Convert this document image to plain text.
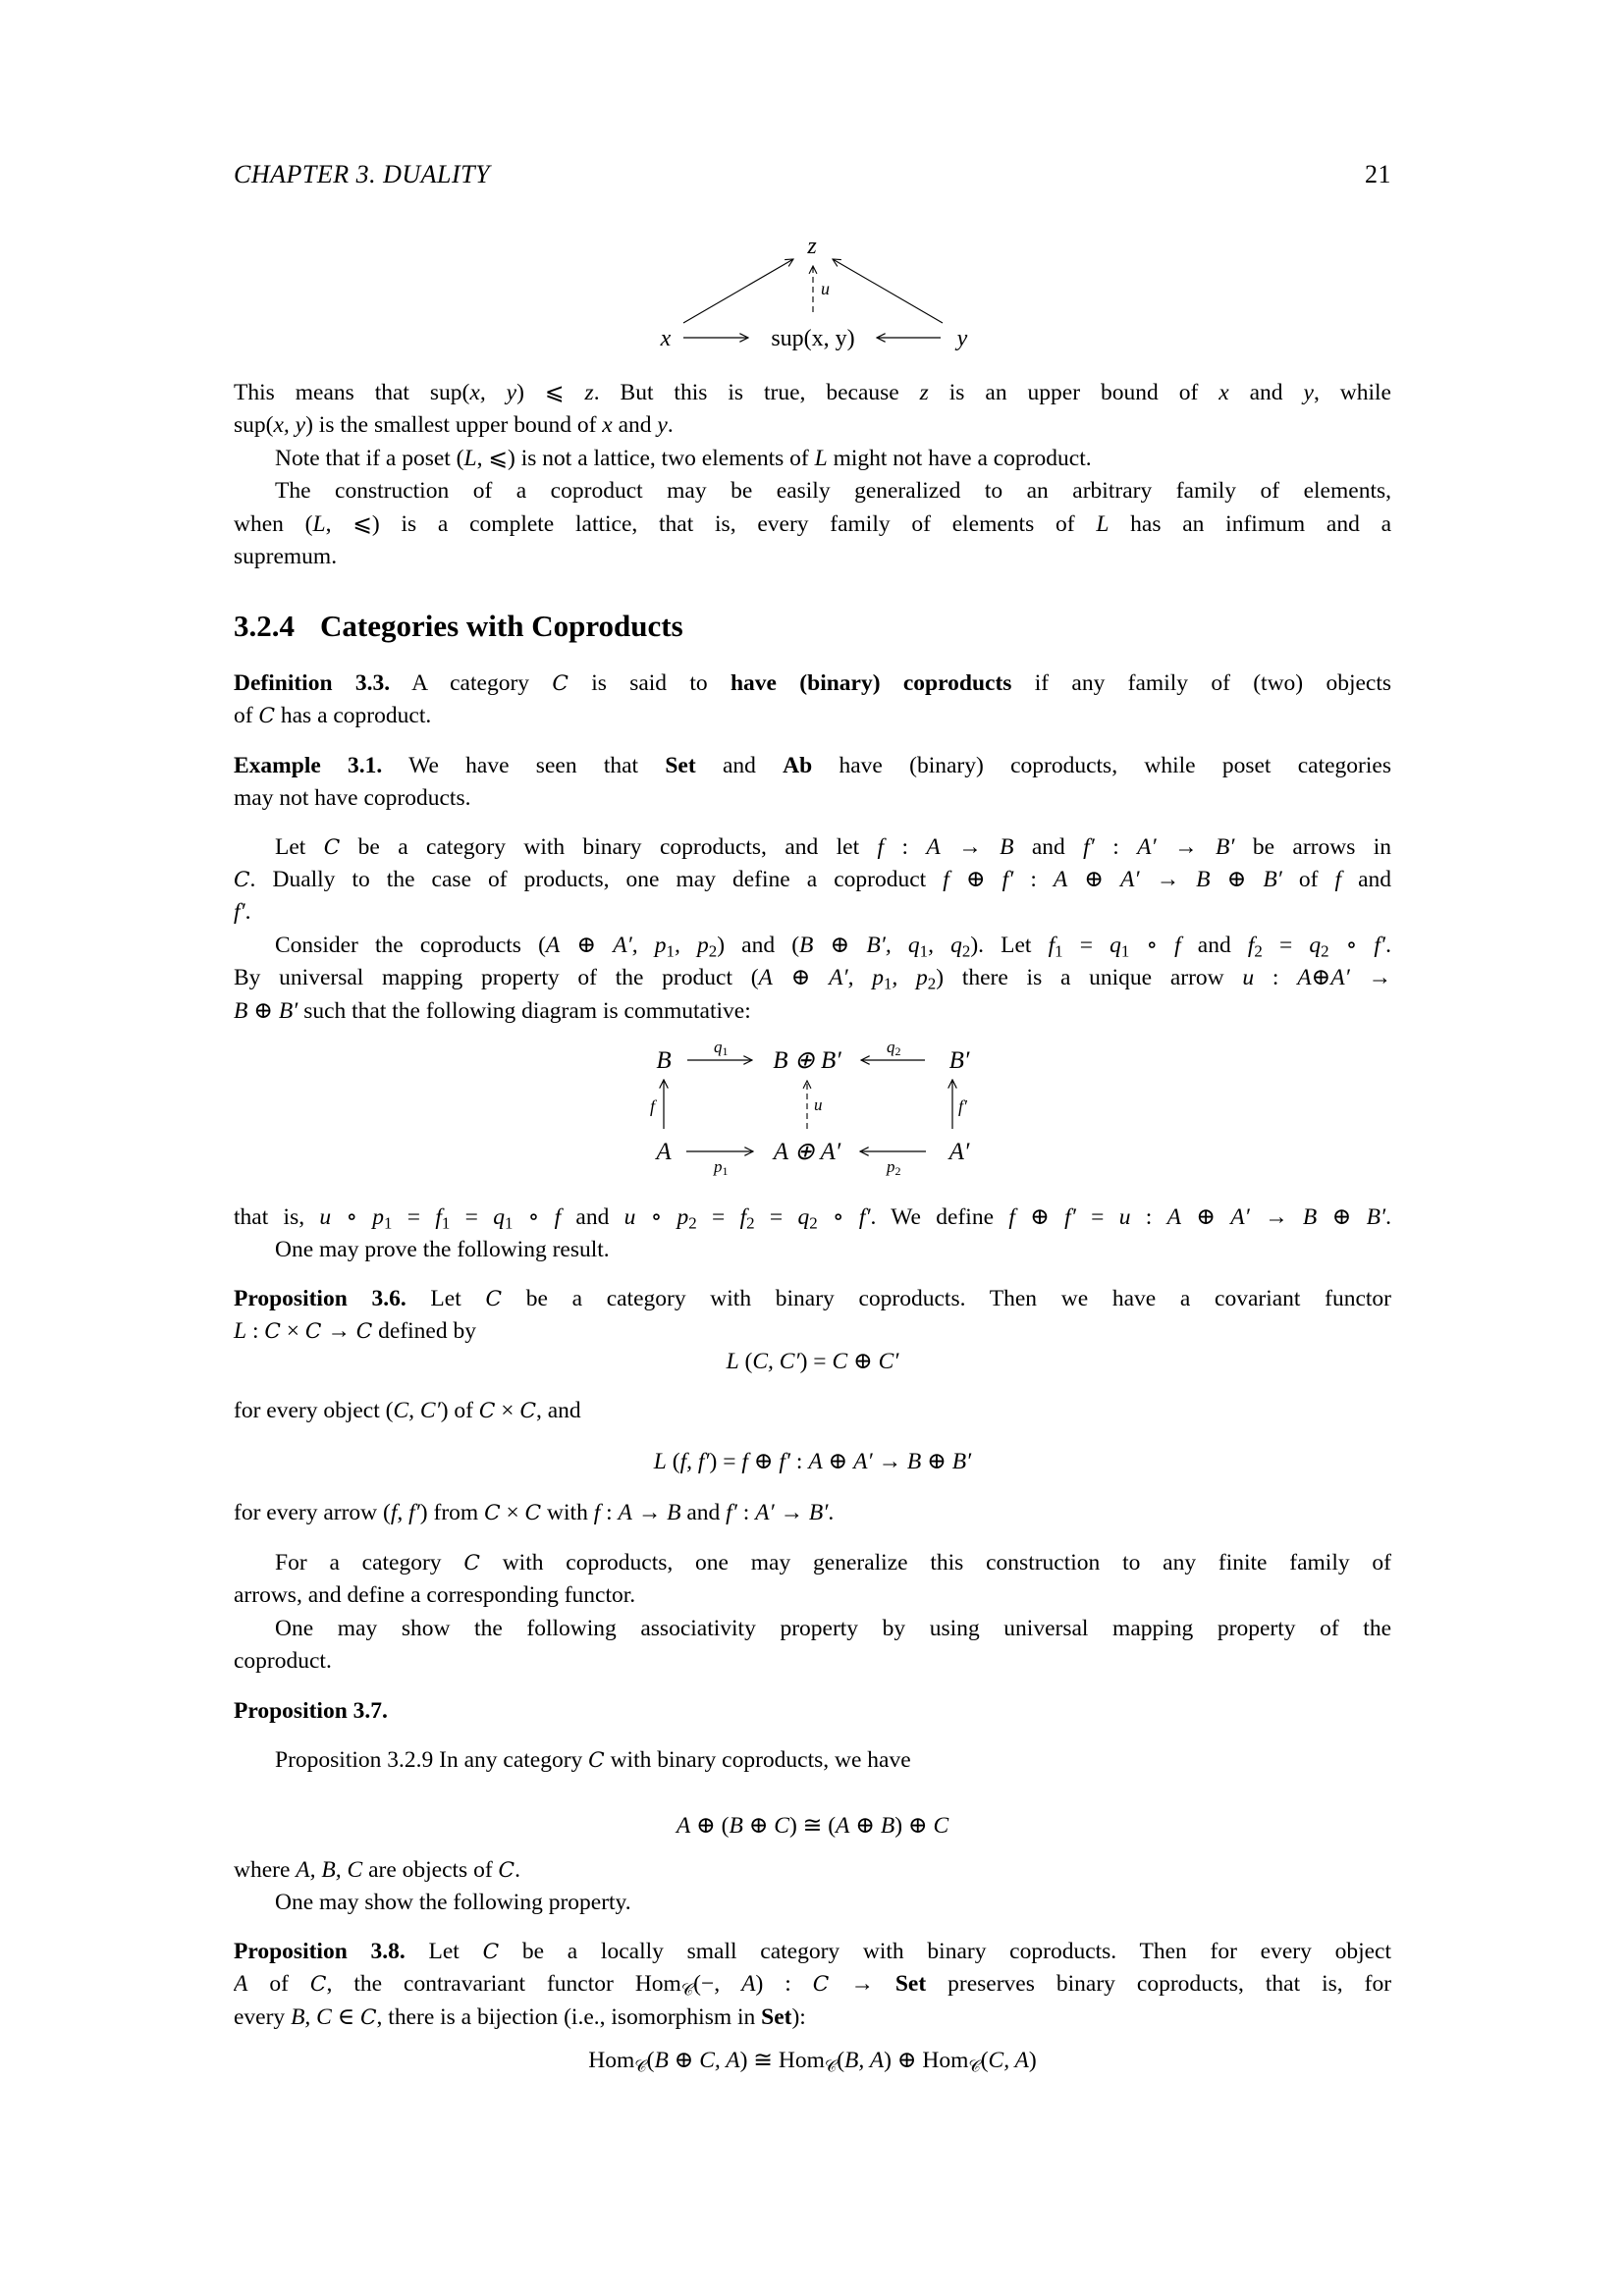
CHAPTER 3. DUALITY	21
z
x	sup(x, y)	y
u
This means that sup(x, y) ⩽ z. But this is true, because z is an upper bound of x and y, while
sup(x, y) is the smallest upper bound of x and y.
Note that if a poset (L, ⩽) is not a lattice, two elements of L might not have a coproduct.
The construction of a coproduct may be easily generalized to an arbitrary family of elements,
when (L, ⩽) is a complete lattice, that is, every family of elements of L has an infimum and a
supremum.
3.2.4 Categories with Coproducts
Definition 3.3. A category C is said to have (binary) coproducts if any family of (two) objects
of C has a coproduct.
Example 3.1. We have seen that Set and Ab have (binary) coproducts, while poset categories
may not have coproducts.
Let C be a category with binary coproducts, and let f : A → B and f′ : A′ → B′ be arrows in
C. Dually to the case of products, one may define a coproduct f ⊕ f′ : A ⊕ A′ → B ⊕ B′ of f and
f′.
Consider the coproducts (A ⊕ A′, $p_1$, $p_2$) and (B ⊕ B′, $q_1$, $q_2$). Let $f_1 = q_1$ ∘ f and $f_2 = q_2$ ∘ f′.
By universal mapping property of the product (A ⊕ A′, $p_1$, $p_2$) there is a unique arrow u : A⊕A′ →
B ⊕ B′ such that the following diagram is commutative:
B	B ⊕ B′	B′
A	A ⊕ A′	A′
q1	q2
p1	p2
f	f′
u
that is, u ∘ $p_1 = f_1 = q_1$ ∘ f and u ∘ $p_2 = f_2 = q_2$ ∘ f′. We define f ⊕ f′ = u : A ⊕ A′ → B ⊕ B′.
One may prove the following result.
Proposition 3.6. Let C be a category with binary coproducts. Then we have a covariant functor
L : C × C → C defined by
L (C, C′) = C ⊕ C′
for every object (C, C′) of C × C, and
L (f, f′) = f ⊕ f′ : A ⊕ A′ → B ⊕ B′
for every arrow (f, f′) from C × C with f : A → B and f′ : A′ → B′.
For a category C with coproducts, one may generalize this construction to any finite family of
arrows, and define a corresponding functor.
One may show the following associativity property by using universal mapping property of the
coproduct.
Proposition 3.7.
Proposition 3.2.9 In any category C with binary coproducts, we have
A ⊕ (B ⊕ C) ≅ (A ⊕ B) ⊕ C
where A, B, C are objects of C.
One may show the following property.
Proposition 3.8. Let C be a locally small category with binary coproducts. Then for every object
A of C, the contravariant functor Hom$_𝒞$(−, A) : C → Set preserves binary coproducts, that is, for
every B, C ∈ C, there is a bijection (i.e., isomorphism in Set):
Hom$_𝒞$(B ⊕ C, A) ≅ Hom$_𝒞$(B, A) ⊕ Hom$_𝒞$(C, A)
